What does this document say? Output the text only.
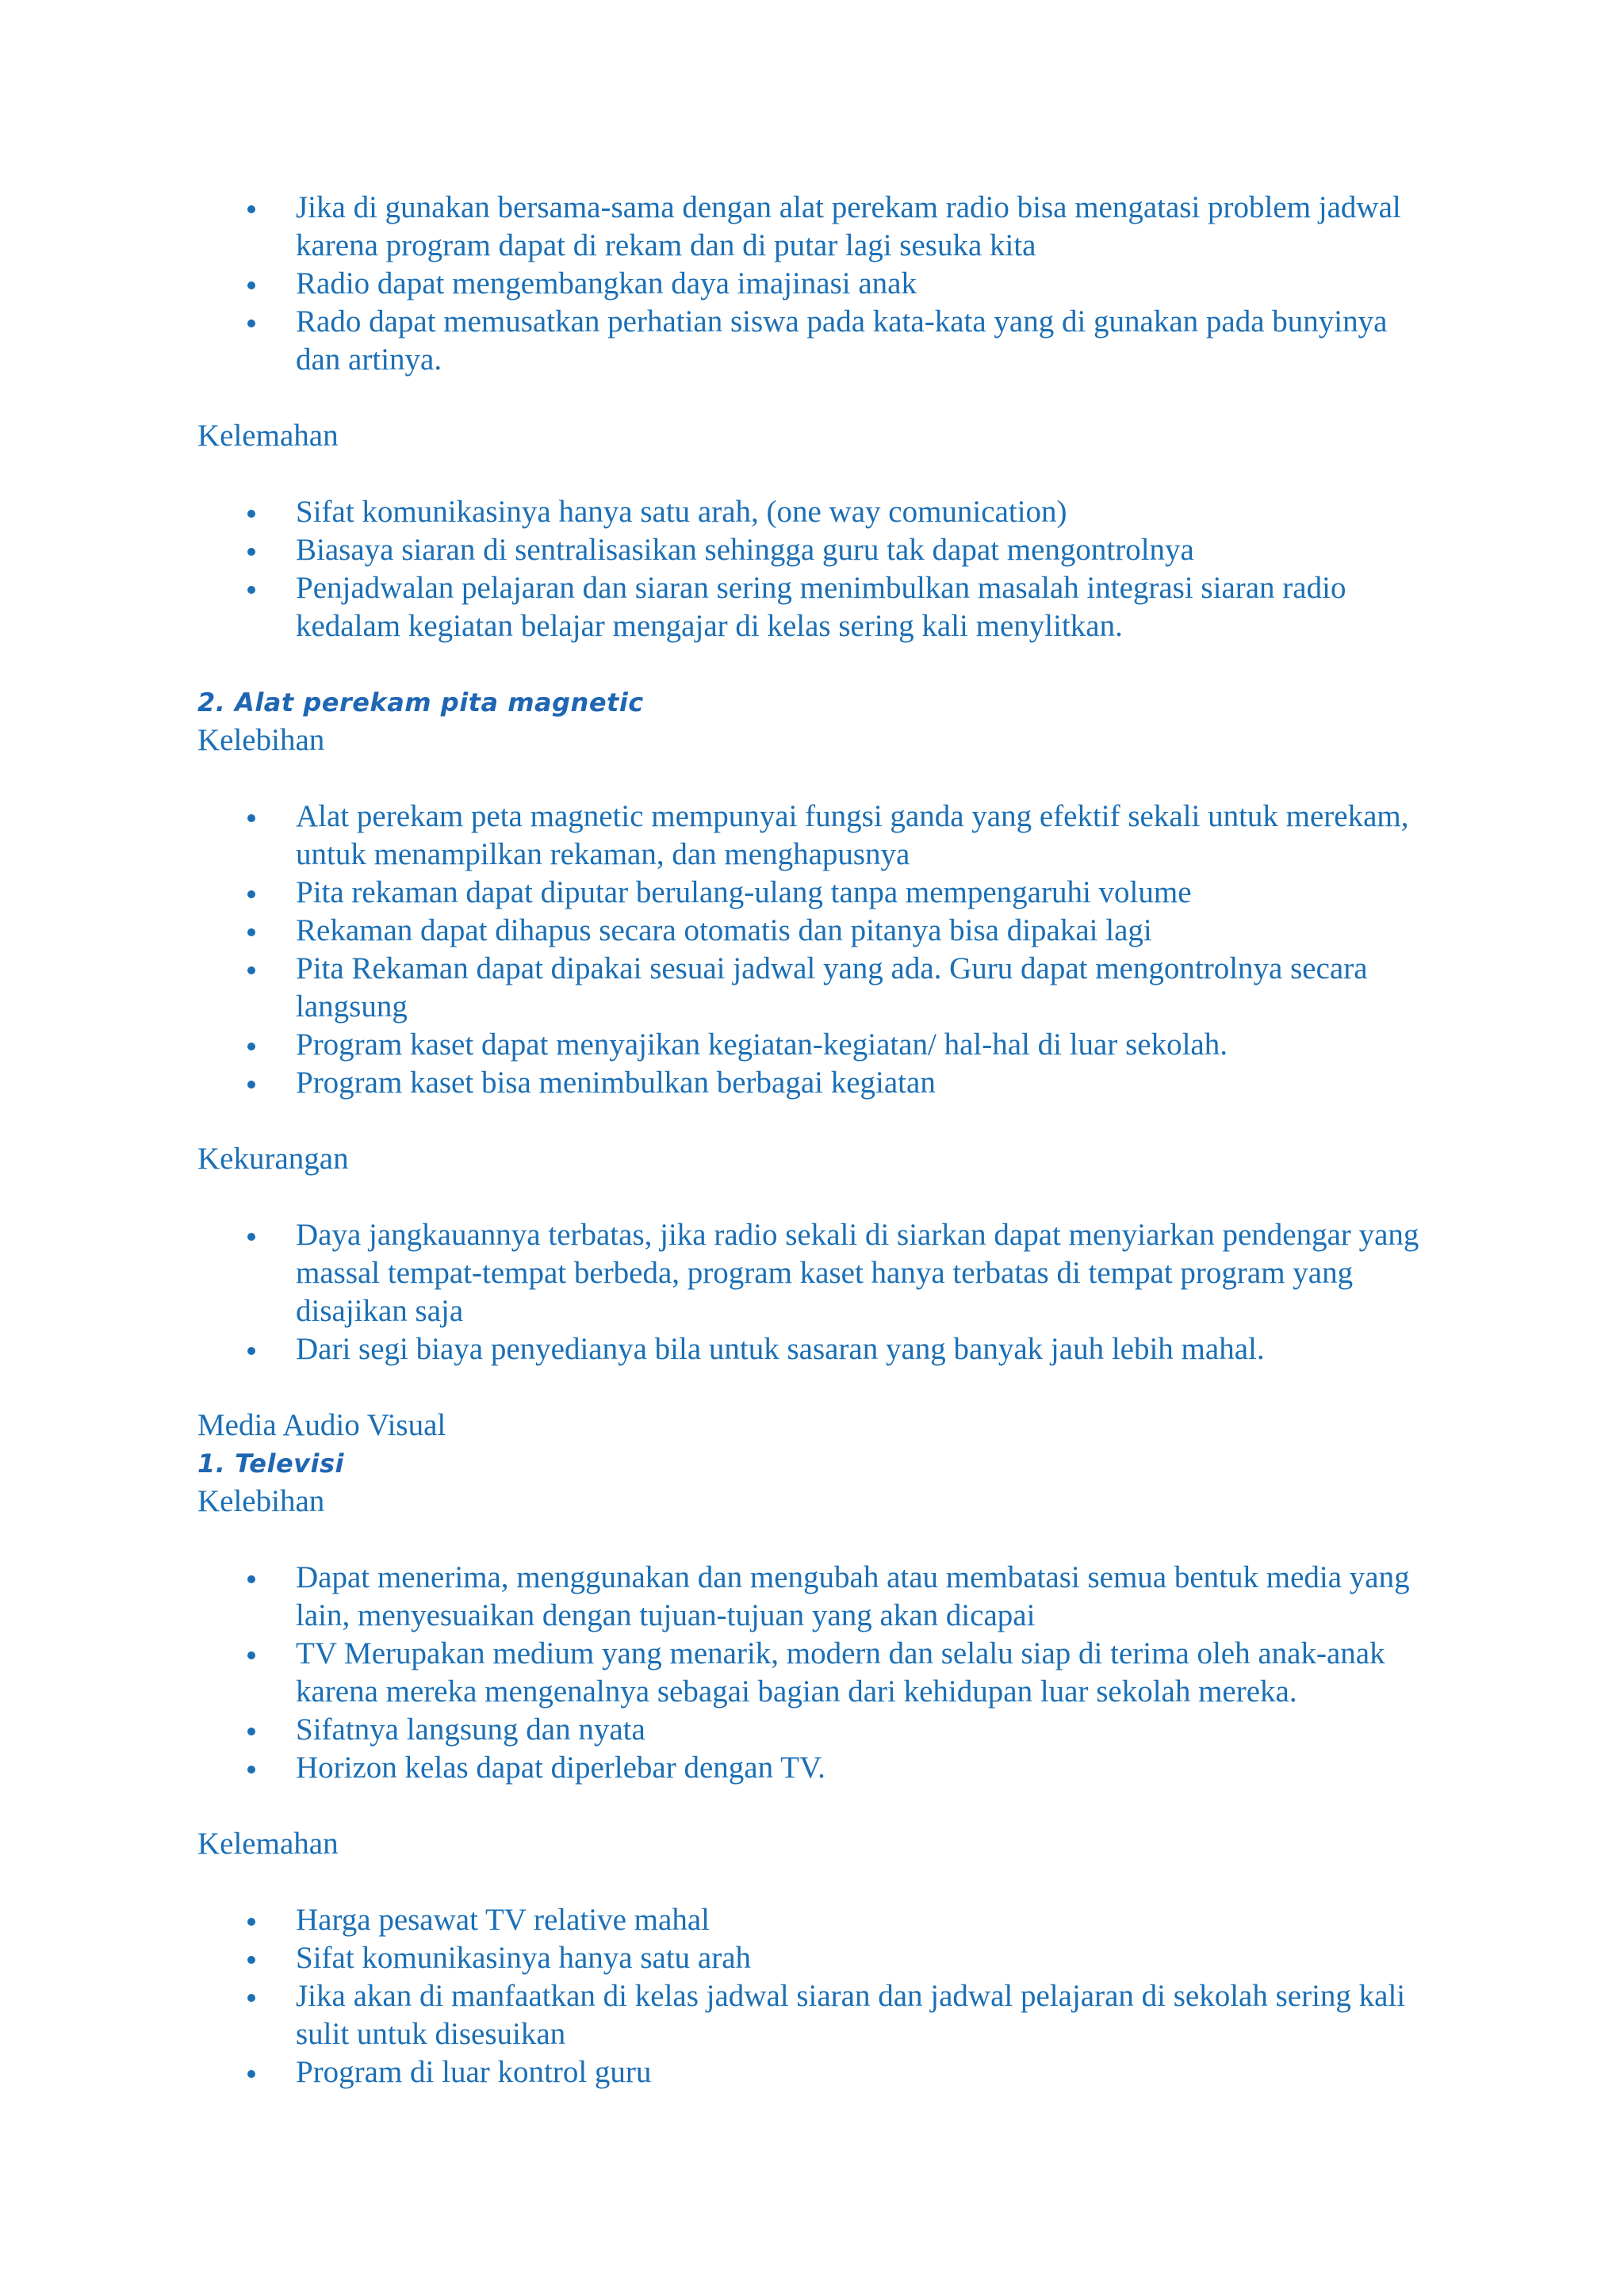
Jika di gunakan bersama-sama dengan alat perekam radio bisa mengatasi problem jadwal karena program dapat di rekam dan di putar lagi sesuka kita
Radio dapat mengembangkan daya imajinasi anak
Rado dapat memusatkan perhatian siswa pada kata-kata yang di gunakan pada bunyinya dan artinya.

Kelemahan

Sifat komunikasinya hanya satu arah, (one way comunication)
Biasaya siaran di sentralisasikan sehingga guru tak dapat mengontrolnya
Penjadwalan pelajaran dan siaran sering menimbulkan masalah integrasi siaran radio kedalam kegiatan belajar mengajar di kelas sering kali menylitkan.

2. Alat perekam pita magnetic

Kelebihan

Alat perekam peta magnetic mempunyai fungsi ganda yang efektif sekali untuk merekam, untuk menampilkan rekaman, dan menghapusnya
Pita rekaman dapat diputar berulang-ulang tanpa mempengaruhi volume
Rekaman dapat dihapus secara otomatis dan pitanya bisa dipakai lagi
Pita Rekaman dapat dipakai sesuai jadwal yang ada. Guru dapat mengontrolnya secara langsung
Program kaset dapat menyajikan kegiatan-kegiatan/ hal-hal di luar sekolah.
Program kaset bisa menimbulkan berbagai kegiatan

Kekurangan

Daya jangkauannya terbatas, jika radio sekali di siarkan dapat menyiarkan pendengar yang massal tempat-tempat berbeda, program kaset hanya terbatas di tempat program yang disajikan saja
Dari segi biaya penyedianya bila untuk sasaran yang banyak jauh lebih mahal.

Media Audio Visual

1. Televisi

Kelebihan

Dapat menerima, menggunakan dan mengubah atau membatasi semua bentuk media yang lain, menyesuaikan dengan tujuan-tujuan yang akan dicapai
TV Merupakan medium yang menarik, modern dan selalu siap di terima oleh anak-anak karena mereka mengenalnya sebagai bagian dari kehidupan luar sekolah mereka.
Sifatnya langsung dan nyata
Horizon kelas dapat diperlebar dengan TV.

Kelemahan

Harga pesawat TV relative mahal
Sifat komunikasinya hanya satu arah
Jika akan di manfaatkan di kelas jadwal siaran dan jadwal pelajaran di sekolah sering kali sulit untuk disesuikan
Program di luar kontrol guru
